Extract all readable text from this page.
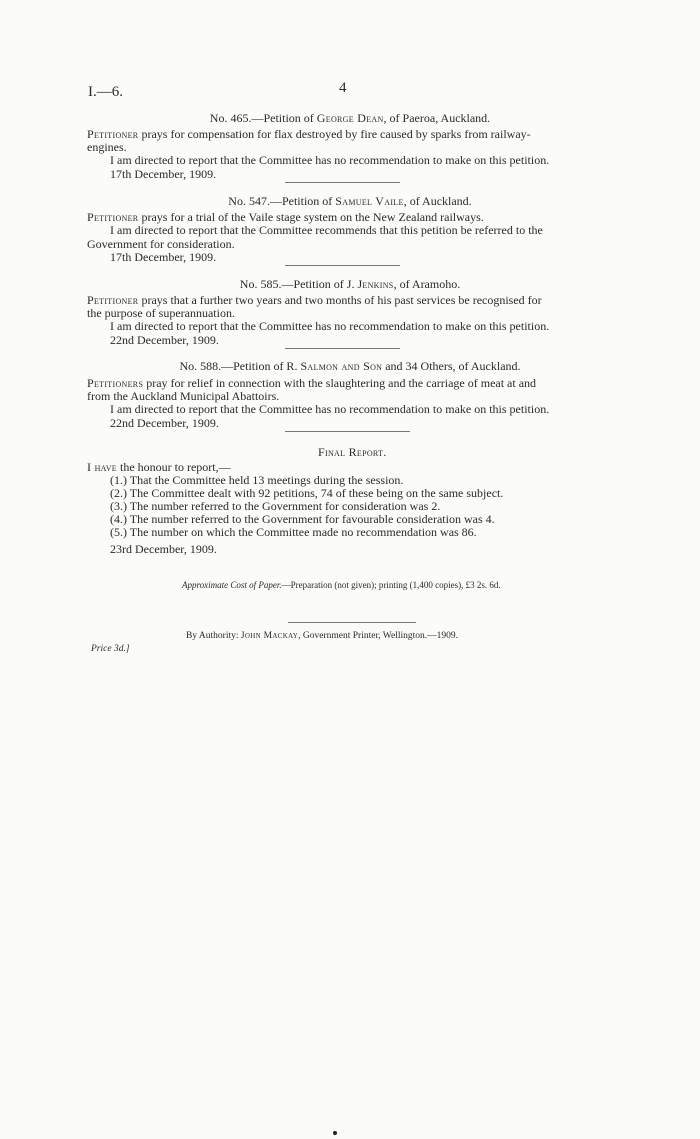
I.—6.	4
No. 465.—Petition of George Dean, of Paeroa, Auckland.
Petitioner prays for compensation for flax destroyed by fire caused by sparks from railway-
engines.
I am directed to report that the Committee has no recommendation to make on this petition.
17th December, 1909.
No. 547.—Petition of Samuel Vaile, of Auckland.
Petitioner prays for a trial of the Vaile stage system on the New Zealand railways.
I am directed to report that the Committee recommends that this petition be referred to the
Government for consideration.
17th December, 1909.
No. 585.—Petition of J. Jenkins, of Aramoho.
Petitioner prays that a further two years and two months of his past services be recognised for
the purpose of superannuation.
I am directed to report that the Committee has no recommendation to make on this petition.
22nd December, 1909.
No. 588.—Petition of R. Salmon and Son and 34 Others, of Auckland.
Petitioners pray for relief in connection with the slaughtering and the carriage of meat at and
from the Auckland Municipal Abattoirs.
I am directed to report that the Committee has no recommendation to make on this petition.
22nd December, 1909.
Final Report.
I have the honour to report,—
(1.) That the Committee held 13 meetings during the session.
(2.) The Committee dealt with 92 petitions, 74 of these being on the same subject.
(3.) The number referred to the Government for consideration was 2.
(4.) The number referred to the Government for favourable consideration was 4.
(5.) The number on which the Committee made no recommendation was 86.
23rd December, 1909.
Approximate Cost of Paper.—Preparation (not given); printing (1,400 copies), £3 2s. 6d.
By Authority: John Mackay, Government Printer, Wellington.—1909.
Price 3d.]
